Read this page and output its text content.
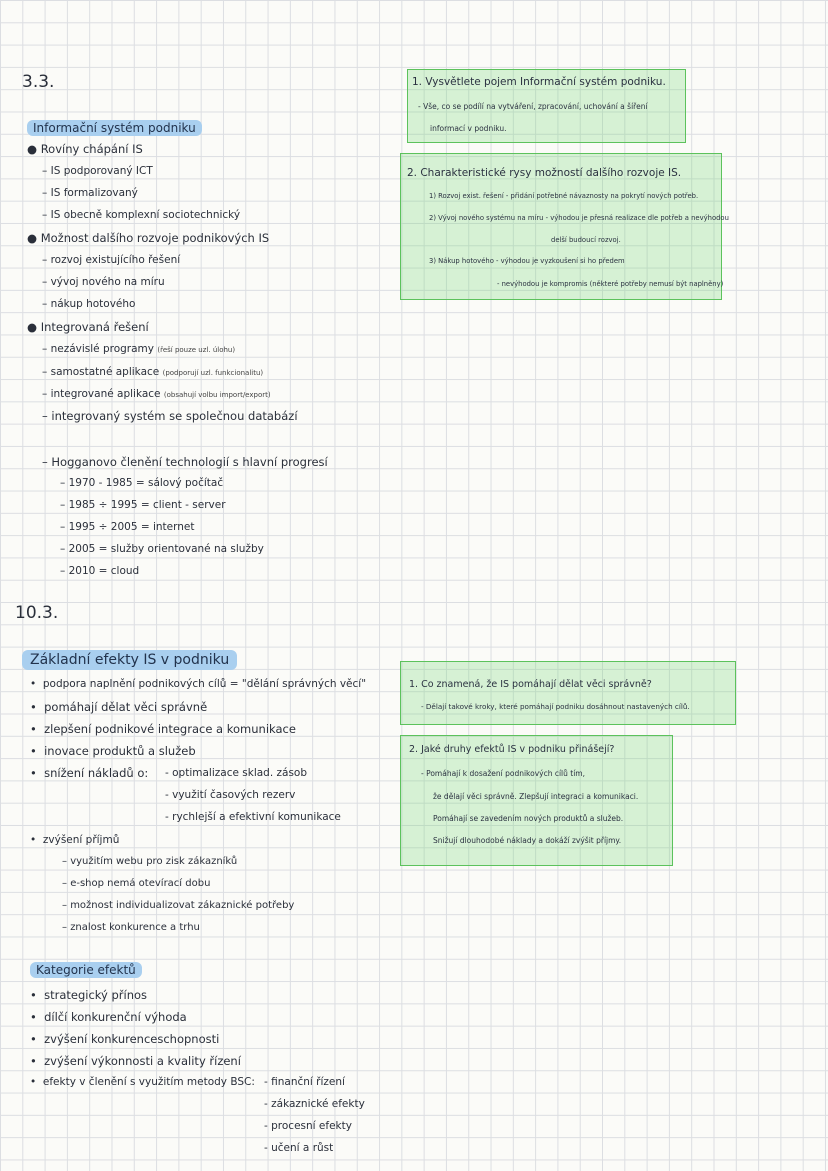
3.3.
Informační systém podniku
● Rovíny chápání IS
– IS podporovaný ICT
– IS formalizovaný
– IS obecně komplexní sociotechnický
● Možnost dalšího rozvoje podnikových IS
– rozvoj existujícího řešení
– vývoj nového na míru
– nákup hotového
● Integrovaná řešení
– nezávislé programy (řeší pouze uzl. úlohu)
– samostatné aplikace (podporují uzl. funkcionalitu)
– integrované aplikace (obsahují volbu import/export)
– integrovaný systém se společnou databází
– Hogganovo členění technologií s hlavní progresí
– 1970 - 1985 = sálový počítač
– 1985 ÷ 1995 = client - server
– 1995 ÷ 2005 = internet
– 2005 = služby orientované na služby
– 2010 = cloud
1. Vysvětlete pojem Informační systém podniku.
- Vše, co se podílí na vytváření, zpracování, uchování a šíření
informací v podniku.
2. Charakteristické rysy možností dalšího rozvoje IS.
1) Rozvoj exist. řešení - přidání potřebné návaznosty na pokrytí nových potřeb.
2) Vývoj nového systému na míru - výhodou je přesná realizace dle potřeb a nevýhodou
delší budoucí rozvoj.
3) Nákup hotového - výhodou je vyzkoušení si ho předem
- nevýhodou je kompromis (některé potřeby nemusí být naplněny)
10.3.
Základní efekty IS v podniku
•  podpora naplnění podnikových cílů = "dělání správných věcí"
•  pomáhají dělat věci správně
•  zlepšení podnikové integrace a komunikace
•  inovace produktů a služeb
•  snížení nákladů o: - optimalizace sklad. zásob
- využití časových rezerv
- rychlejší a efektivní komunikace
•  zvýšení příjmů
– využitím webu pro zisk zákazníků
– e-shop nemá otevírací dobu
– možnost individualizovat zákaznické potřeby
– znalost konkurence a trhu
1. Co znamená, že IS pomáhají dělat věci správně?
- Dělají takové kroky, které pomáhají podniku dosáhnout nastavených cílů.
2. Jaké druhy efektů IS v podniku přinášejí?
- Pomáhají k dosažení podnikových cílů tím,
že dělají věci správně. Zlepšují integraci a komunikaci.
Pomáhají se zavedením nových produktů a služeb.
Snižují dlouhodobé náklady a dokáží zvýšit příjmy.
Kategorie efektů
•  strategický přínos
•  dílčí konkurenční výhoda
•  zvýšení konkurenceschopnosti
•  zvýšení výkonnosti a kvality řízení
•  efekty v členění s využitím metody BSC: - finanční řízení
- zákaznické efekty
- procesní efekty
- učení a růst
